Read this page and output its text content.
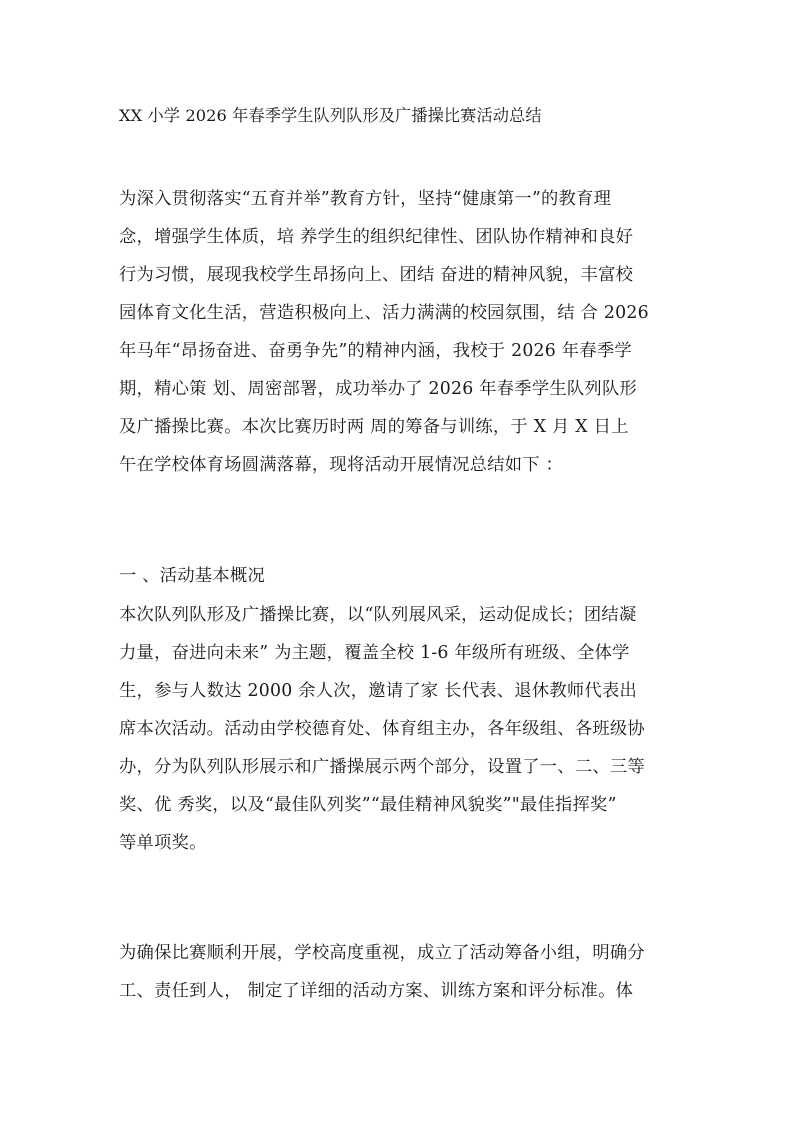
XX 小学 2026 年春季学生队列队形及广播操比赛活动总结
为深入贯彻落实“五育并举”教育方针，坚持“健康第一”的教育理
念，增强学生体质，培 养学生的组织纪律性、团队协作精神和良好
行为习惯，展现我校学生昂扬向上、团结 奋进的精神风貌，丰富校
园体育文化生活，营造积极向上、活力满满的校园氛围，结 合 2026
年马年“昂扬奋进、奋勇争先”的精神内涵，我校于 2026 年春季学
期，精心策 划、周密部署，成功举办了 2026 年春季学生队列队形
及广播操比赛。本次比赛历时两 周的筹备与训练，于 X 月 X 日上
午在学校体育场圆满落幕，现将活动开展情况总结如下 ：
一 、活动基本概况
本次队列队形及广播操比赛，以“队列展风采，运动促成长；团结凝
力量，奋进向未来” 为主题，覆盖全校 1-6 年级所有班级、全体学
生，参与人数达 2000 余人次，邀请了家 长代表、退休教师代表出
席本次活动。活动由学校德育处、体育组主办，各年级组、各班级协
办，分为队列队形展示和广播操展示两个部分，设置了一、二、三等
奖、优 秀奖，以及“最佳队列奖”“最佳精神风貌奖”"最佳指挥奖”
等单项奖。
为确保比赛顺利开展，学校高度重视，成立了活动筹备小组，明确分
工、责任到人， 制定了详细的活动方案、训练方案和评分标准。体
